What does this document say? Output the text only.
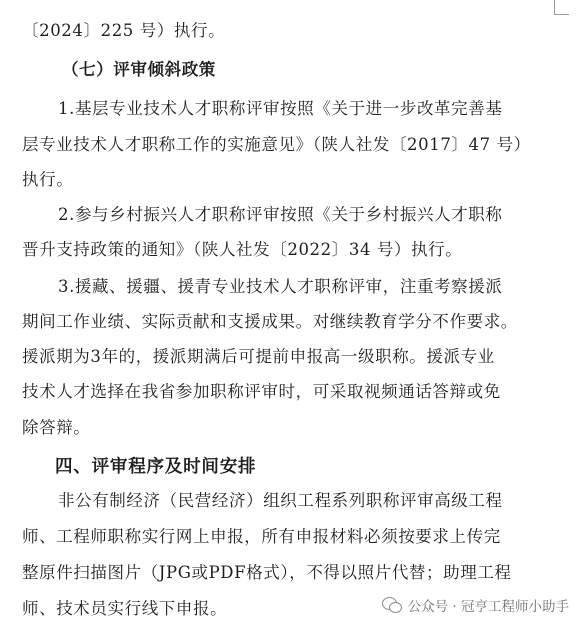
〔2024〕225 号）执行。
（七）评审倾斜政策
1.基层专业技术人才职称评审按照《关于进一步改革完善基
层专业技术人才职称工作的实施意见》（陕人社发〔2017〕47 号）
执行。
2.参与乡村振兴人才职称评审按照《关于乡村振兴人才职称
晋升支持政策的通知》（陕人社发〔2022〕34 号）执行。
3.援藏、援疆、援青专业技术人才职称评审，注重考察援派
期间工作业绩、实际贡献和支援成果。对继续教育学分不作要求。
援派期为3年的，援派期满后可提前申报高一级职称。援派专业
技术人才选择在我省参加职称评审时，可采取视频通话答辩或免
除答辩。
四、评审程序及时间安排
非公有制经济（民营经济）组织工程系列职称评审高级工程
师、工程师职称实行网上申报，所有申报材料必须按要求上传完
整原件扫描图片（JPG或PDF格式），不得以照片代替；助理工程
师、技术员实行线下申报。	公众号 · 冠亨工程师小助手
